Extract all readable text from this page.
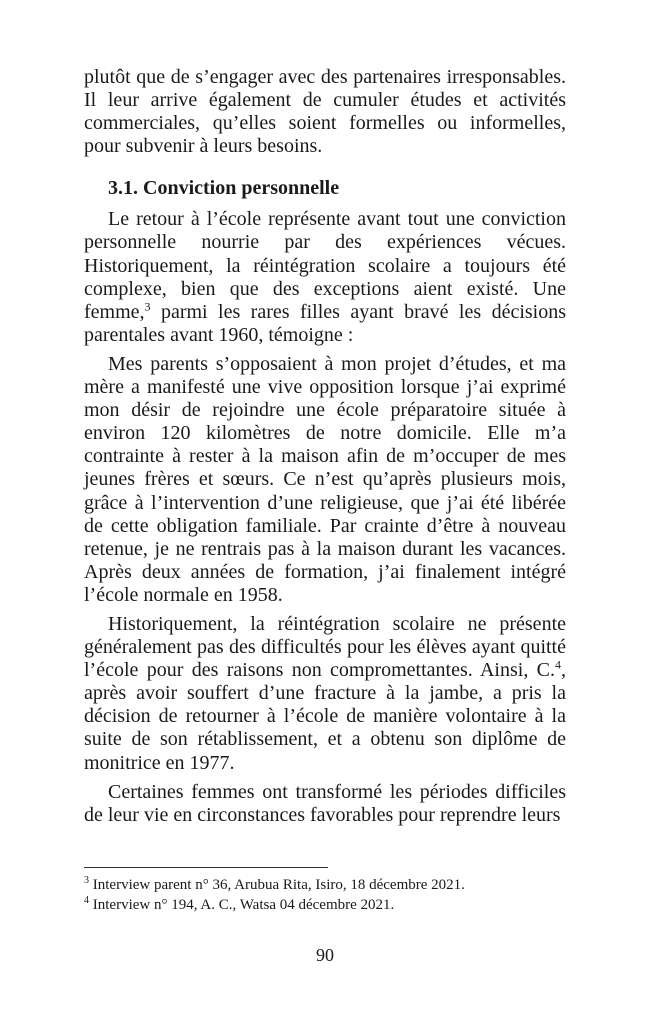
plutôt que de s’engager avec des partenaires irresponsables. Il leur arrive également de cumuler études et activités commerciales, qu’elles soient formelles ou informelles, pour subvenir à leurs besoins.

3.1. Conviction personnelle

Le retour à l’école représente avant tout une conviction personnelle nourrie par des expériences vécues. Historiquement, la réintégration scolaire a toujours été complexe, bien que des exceptions aient existé. Une femme,$^3$ parmi les rares filles ayant bravé les décisions parentales avant 1960, témoigne :

Mes parents s’opposaient à mon projet d’études, et ma mère a manifesté une vive opposition lorsque j’ai exprimé mon désir de rejoindre une école préparatoire située à environ 120 kilomètres de notre domicile. Elle m’a contrainte à rester à la maison afin de m’occuper de mes jeunes frères et sœurs. Ce n’est qu’après plusieurs mois, grâce à l’intervention d’une religieuse, que j’ai été libérée de cette obligation familiale. Par crainte d’être à nouveau retenue, je ne rentrais pas à la maison durant les vacances. Après deux années de formation, j’ai finalement intégré l’école normale en 1958.

Historiquement, la réintégration scolaire ne présente généralement pas des difficultés pour les élèves ayant quitté l’école pour des raisons non compromettantes. Ainsi, C.$^4$, après avoir souffert d’une fracture à la jambe, a pris la décision de retourner à l’école de manière volontaire à la suite de son rétablissement, et a obtenu son diplôme de monitrice en 1977.

Certaines femmes ont transformé les périodes difficiles de leur vie en circonstances favorables pour reprendre leurs

$^3$ Interview parent n° 36, Arubua Rita, Isiro, 18 décembre 2021.

$^4$ Interview n° 194, A. C., Watsa 04 décembre 2021.

90
